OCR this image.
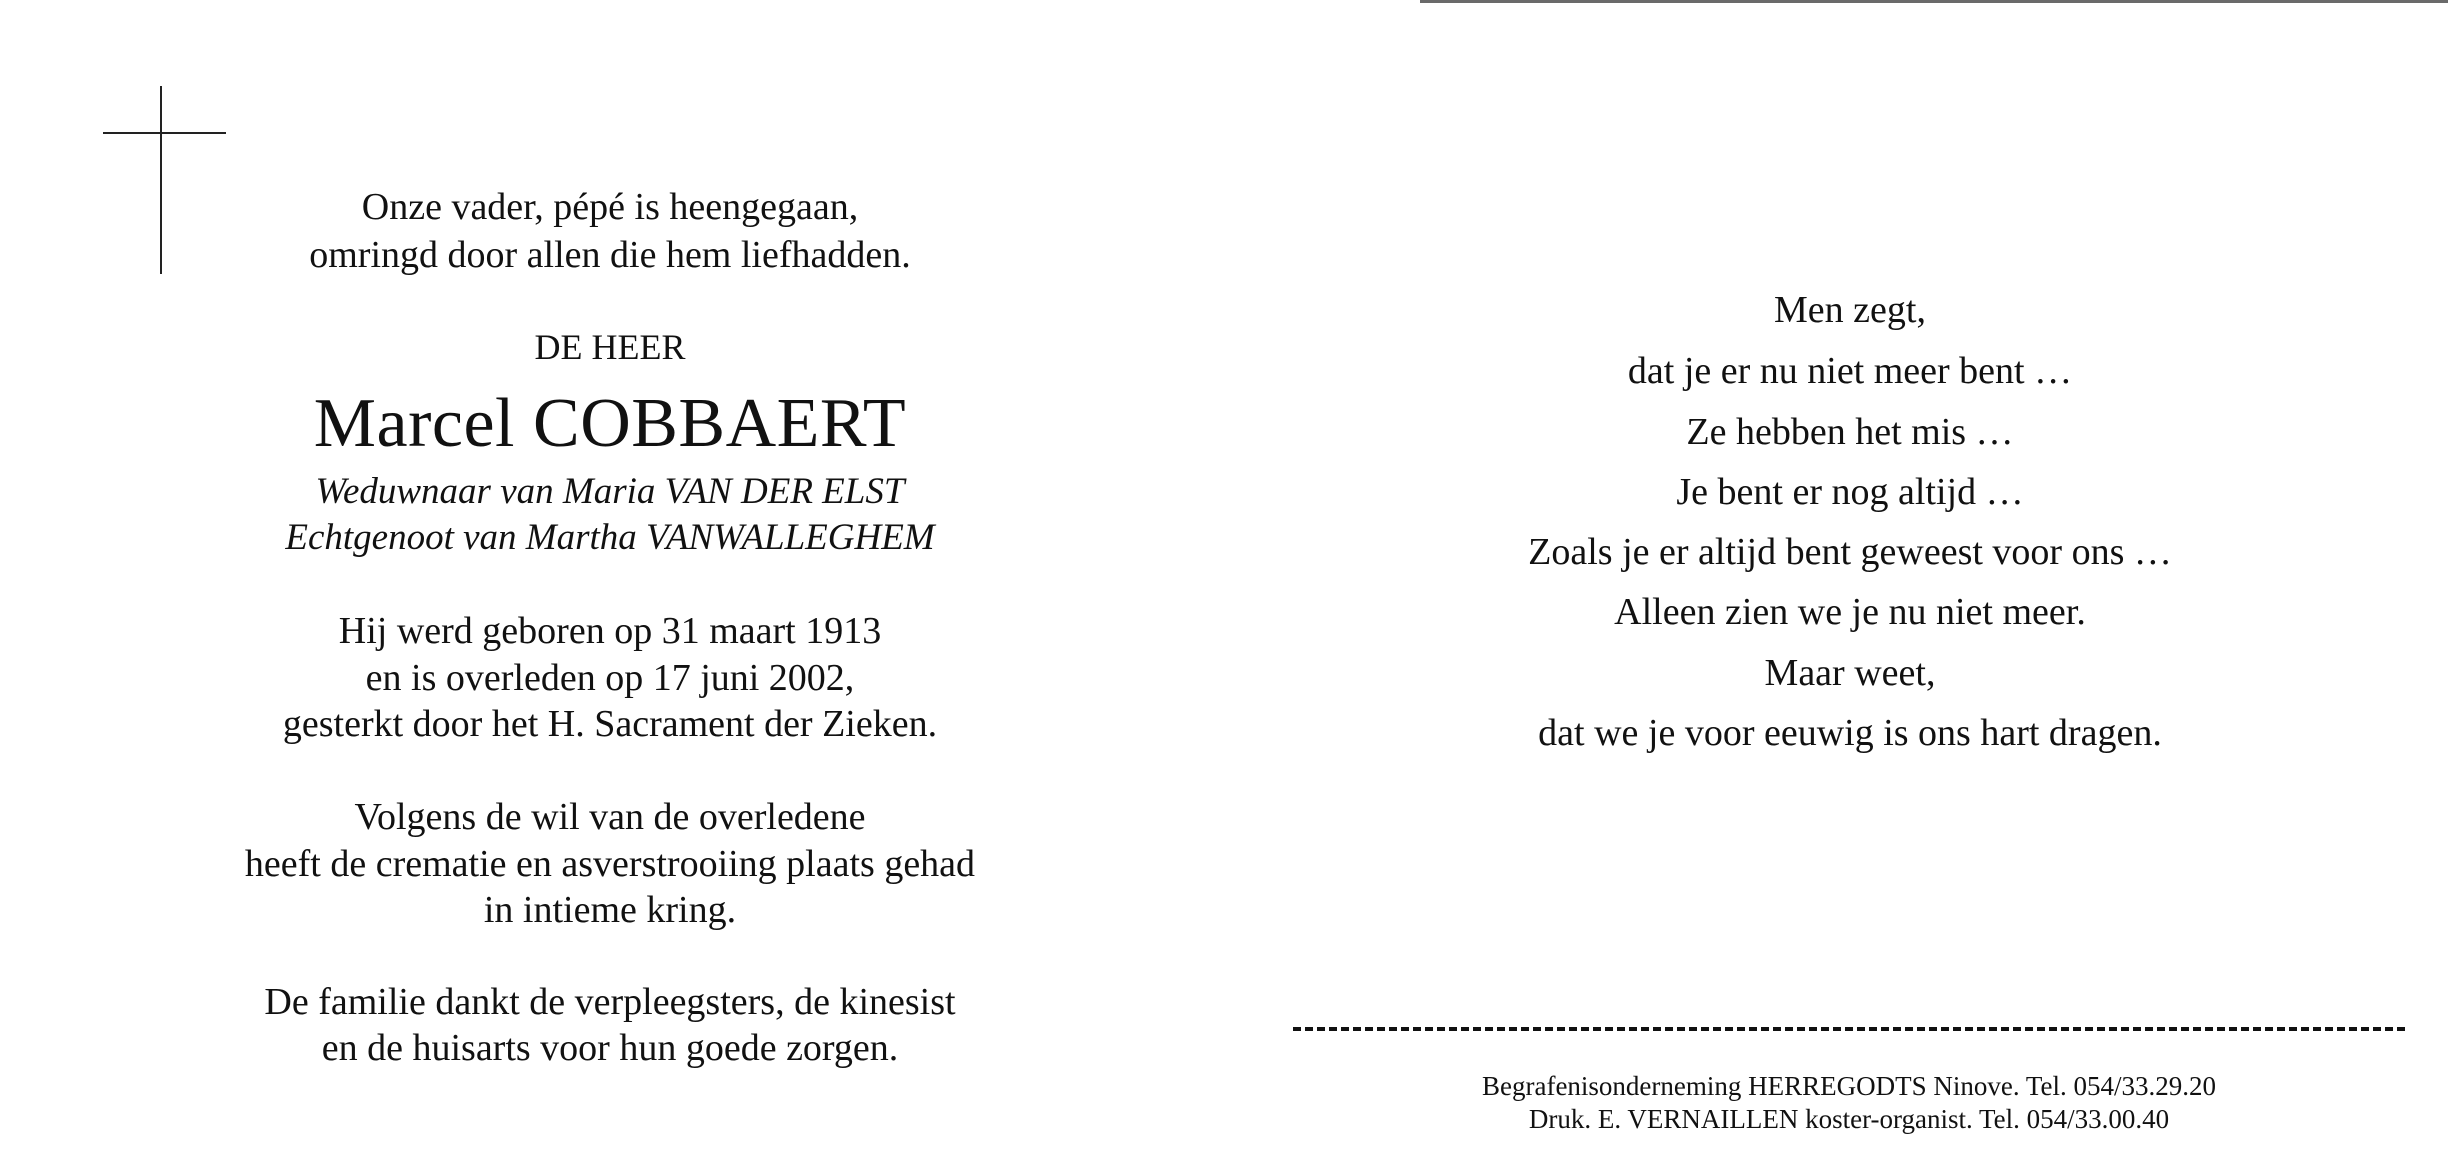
Onze vader, pépé is heengegaan,
omringd door allen die hem liefhadden.
DE HEER
Marcel COBBAERT
Weduwnaar van Maria VAN DER ELST
Echtgenoot van Martha VANWALLEGHEM
Hij werd geboren op 31 maart 1913
en is overleden op 17 juni 2002,
gesterkt door het H. Sacrament der Zieken.
Volgens de wil van de overledene
heeft de crematie en asverstrooiing plaats gehad
in intieme kring.
De familie dankt de verpleegsters, de kinesist
en de huisarts voor hun goede zorgen.
Men zegt,
dat je er nu niet meer bent …
Ze hebben het mis …
Je bent er nog altijd …
Zoals je er altijd bent geweest voor ons …
Alleen zien we je nu niet meer.
Maar weet,
dat we je voor eeuwig is ons hart dragen.
Begrafenisonderneming HERREGODTS Ninove. Tel. 054/33.29.20
Druk. E. VERNAILLEN koster-organist. Tel. 054/33.00.40
